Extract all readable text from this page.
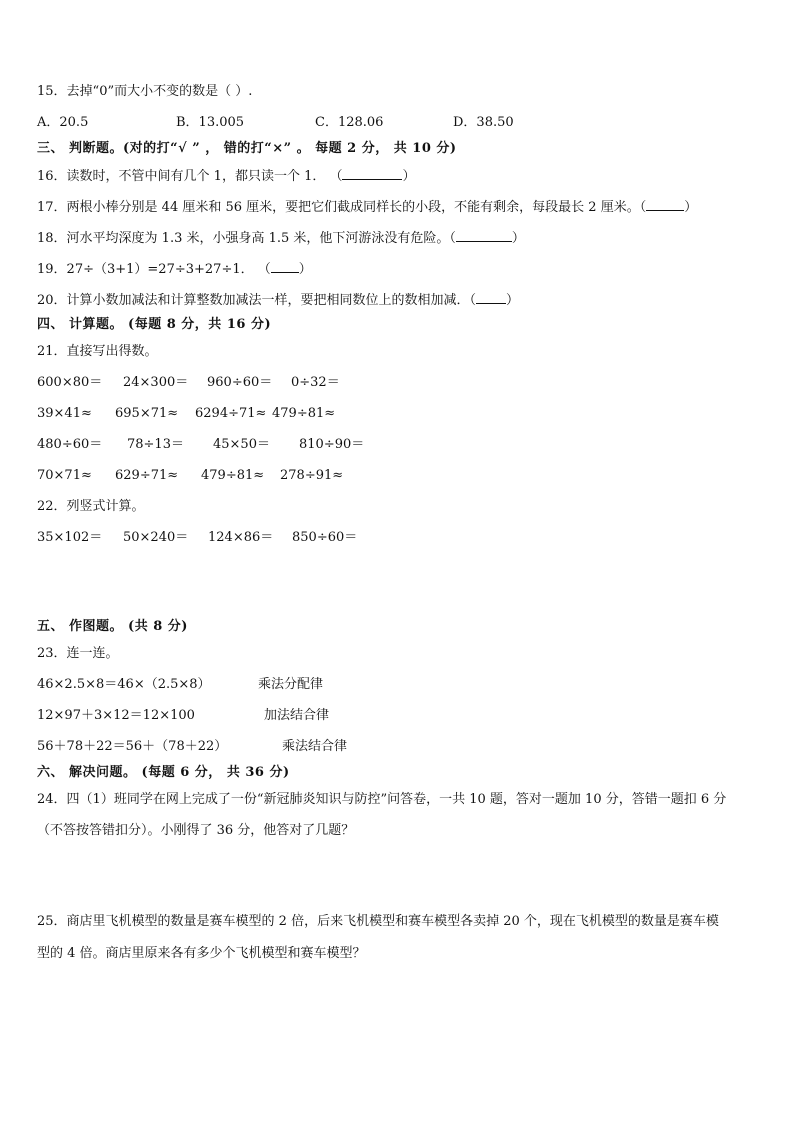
15．去掉“0”而大小不变的数是（ ）.
A．20.5	B．13.005	C．128.06	D．38.50
三、 判断题。(对的打“√ ” ， 错的打“×” 。 每题 2 分， 共 10 分)
16．读数时，不管中间有几个 1，都只读一个 1． （	）
17．两根小棒分别是 44 厘米和 56 厘米，要把它们截成同样长的小段，不能有剩余，每段最长 2 厘米。（	）
18．河水平均深度为 1.3 米，小强身高 1.5 米，他下河游泳没有危险。（	）
19．27÷（3+1）=27÷3+27÷1． （ ）
20．计算小数加减法和计算整数加减法一样，要把相同数位上的数相加减．（ ）
四、 计算题。 (每题 8 分，共 16 分)
21．直接写出得数。
600×80＝ 24×300＝ 960÷60＝ 0÷32＝
39×41≈ 695×71≈ 6294÷71≈ 479÷81≈
480÷60＝ 78÷13＝ 45×50＝ 810÷90＝
70×71≈ 629÷71≈ 479÷81≈ 278÷91≈
22．列竖式计算。
35×102＝ 50×240＝ 124×86＝ 850÷60＝
五、 作图题。 (共 8 分)
23．连一连。
46×2.5×8＝46×（2.5×8）	乘法分配律
12×97＋3×12＝12×100	加法结合律
56＋78＋22＝56＋（78＋22）	乘法结合律
六、 解决问题。 (每题 6 分， 共 36 分)
24．四（1）班同学在网上完成了一份“新冠肺炎知识与防控”问答卷，一共 10 题，答对一题加 10 分，答错一题扣 6 分
（不答按答错扣分）。小刚得了 36 分，他答对了几题？
25．商店里飞机模型的数量是赛车模型的 2 倍，后来飞机模型和赛车模型各卖掉 20 个，现在飞机模型的数量是赛车模
型的 4 倍。商店里原来各有多少个飞机模型和赛车模型？
